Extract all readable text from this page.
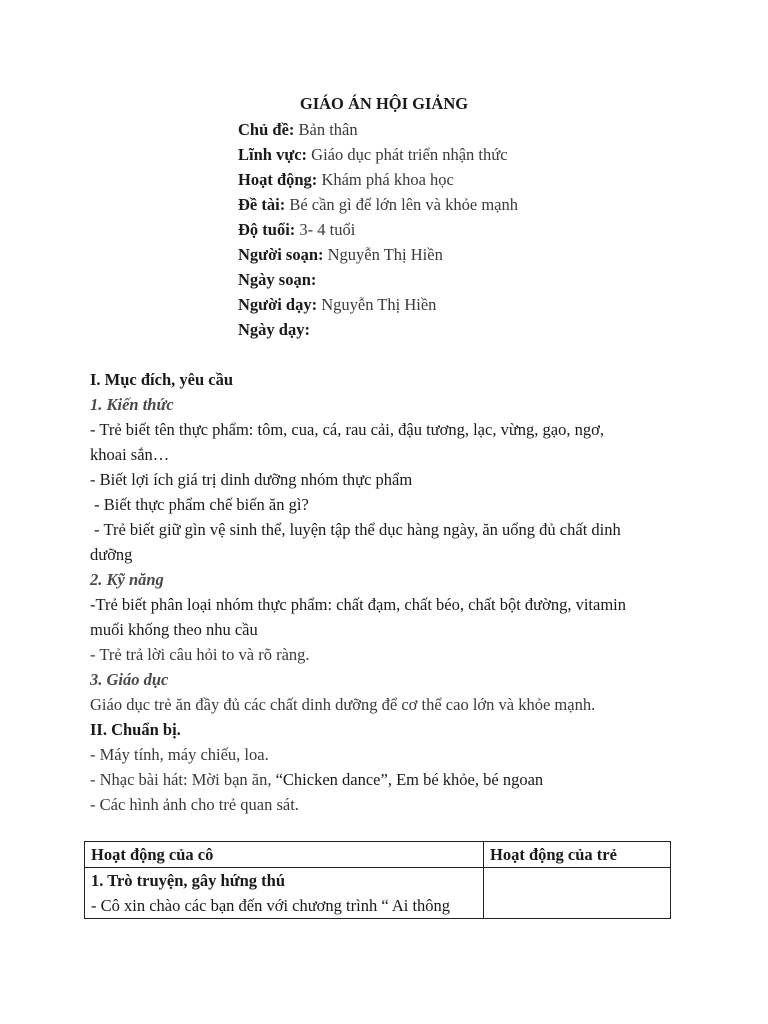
GIÁO ÁN HỘI GIẢNG
Chủ đề: Bản thân
Lĩnh vực: Giáo dục phát triển nhận thức
Hoạt động: Khám phá khoa học
Đề tài: Bé cần gì để lớn lên và khỏe mạnh
Độ tuổi: 3- 4 tuổi
Người soạn: Nguyễn Thị Hiền
Ngày soạn:
Người dạy: Nguyễn Thị Hiền
Ngày dạy:
I. Mục đích, yêu cầu
1. Kiến thức
- Trẻ biết tên thực phẩm: tôm, cua, cá, rau cải, đậu tương, lạc, vừng, gạo, ngơ,
khoai sắn…
- Biết lợi ích giá trị dinh dưỡng nhóm thực phẩm
- Biết thực phẩm chế biến ăn gì?
- Trẻ biết giữ gìn vệ sinh thể, luyện tập thể dục hàng ngày, ăn uống đủ chất dinh
dưỡng
2. Kỹ năng
-Trẻ biết phân loại nhóm thực phẩm: chất đạm, chất béo, chất bột đường, vitamin
muối khống theo nhu cầu
- Trẻ trả lời câu hỏi to và rõ ràng.
3. Giáo dục
Giáo dục trẻ ăn đầy đủ các chất dinh dưỡng để cơ thể cao lớn và khỏe mạnh.
II. Chuẩn bị.
- Máy tính, máy chiếu, loa.
- Nhạc bài hát: Mời bạn ăn, “Chicken dance”, Em bé khỏe, bé ngoan
- Các hình ảnh cho trẻ quan sát.
Hoạt động của cô	Hoạt động của trẻ

1. Trò truyện, gây hứng thú
- Cô xin chào các bạn đến với chương trình “ Ai thông	
